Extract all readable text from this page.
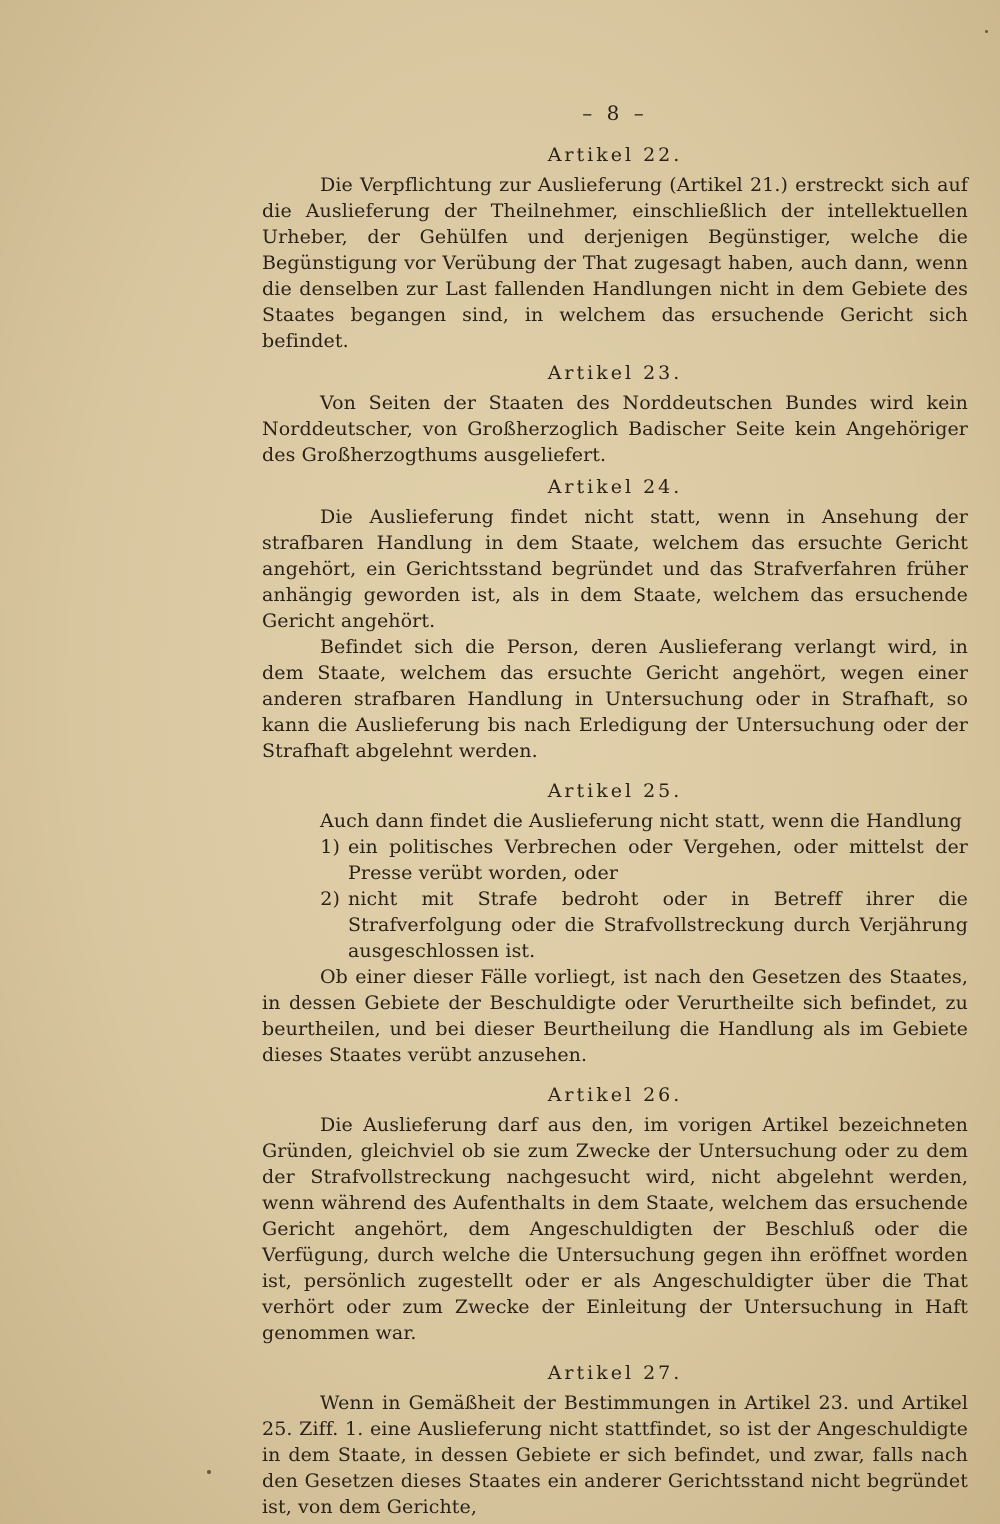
– 8 –
Artikel 22.

Die Verpflichtung zur Auslieferung (Artikel 21.) erstreckt sich auf die Auslieferung der Theilnehmer, einschließlich der intellektuellen Urheber, der Gehülfen und derjenigen Begünstiger, welche die Begünstigung vor Verübung der That zugesagt haben, auch dann, wenn die denselben zur Last fallenden Handlungen nicht in dem Gebiete des Staates begangen sind, in welchem das ersuchende Gericht sich befindet.

Artikel 23.

Von Seiten der Staaten des Norddeutschen Bundes wird kein Norddeutscher, von Großherzoglich Badischer Seite kein Angehöriger des Großherzogthums ausgeliefert.

Artikel 24.

Die Auslieferung findet nicht statt, wenn in Ansehung der strafbaren Handlung in dem Staate, welchem das ersuchte Gericht angehört, ein Gerichtsstand begründet und das Strafverfahren früher anhängig geworden ist, als in dem Staate, welchem das ersuchende Gericht angehört.

Befindet sich die Person, deren Auslieferang verlangt wird, in dem Staate, welchem das ersuchte Gericht angehört, wegen einer anderen strafbaren Handlung in Untersuchung oder in Strafhaft, so kann die Auslieferung bis nach Erledigung der Untersuchung oder der Strafhaft abgelehnt werden.

Artikel 25.

Auch dann findet die Auslieferung nicht statt, wenn die Handlung

1) ein politisches Verbrechen oder Vergehen, oder mittelst der Presse verübt worden, oder
2) nicht mit Strafe bedroht oder in Betreff ihrer die Strafverfolgung oder die Strafvollstreckung durch Verjährung ausgeschlossen ist.

Ob einer dieser Fälle vorliegt, ist nach den Gesetzen des Staates, in dessen Gebiete der Beschuldigte oder Verurtheilte sich befindet, zu beurtheilen, und bei dieser Beurtheilung die Handlung als im Gebiete dieses Staates verübt anzusehen.

Artikel 26.

Die Auslieferung darf aus den, im vorigen Artikel bezeichneten Gründen, gleichviel ob sie zum Zwecke der Untersuchung oder zu dem der Strafvollstreckung nachgesucht wird, nicht abgelehnt werden, wenn während des Aufenthalts in dem Staate, welchem das ersuchende Gericht angehört, dem Angeschuldigten der Beschluß oder die Verfügung, durch welche die Untersuchung gegen ihn eröffnet worden ist, persönlich zugestellt oder er als Angeschuldigter über die That verhört oder zum Zwecke der Einleitung der Untersuchung in Haft genommen war.

Artikel 27.

Wenn in Gemäßheit der Bestimmungen in Artikel 23. und Artikel 25. Ziff. 1. eine Auslieferung nicht stattfindet, so ist der Angeschuldigte in dem Staate, in dessen Gebiete er sich befindet, und zwar, falls nach den Gesetzen dieses Staates ein anderer Gerichtsstand nicht begründet ist, von dem Gerichte,
